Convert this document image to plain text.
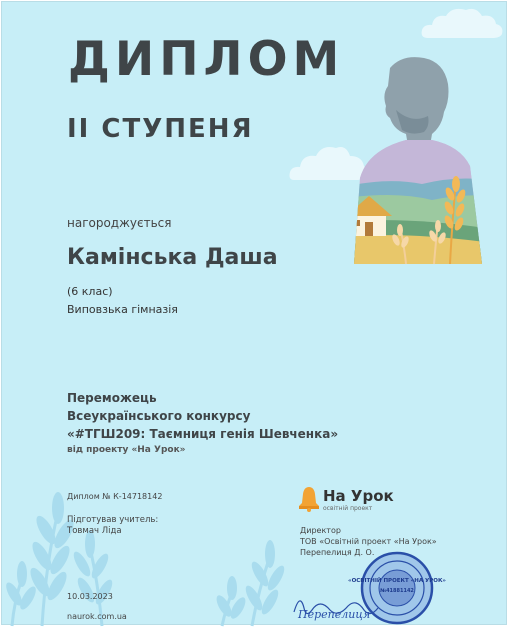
ДИПЛОМ
ІІ СТУПЕНЯ
нагороджується
Камінська Даша
(6 клас)
Виповзька гімназія
Переможець
Всеукраїнського конкурсу
«#ТГШ209: Таємниця генія Шевченка»
від проекту «На Урок»
Диплом № К-14718142
Підготував учитель:
Товмач Ліда
10.03.2023
naurok.com.ua
На Урок
освітній проект
Директор
ТОВ «Освітній проект «На Урок»
Перепелиця Д. О.
«ОСВІТНІЙ ПРОЕКТ «НА УРОК»
№41881142
Перепелиця
